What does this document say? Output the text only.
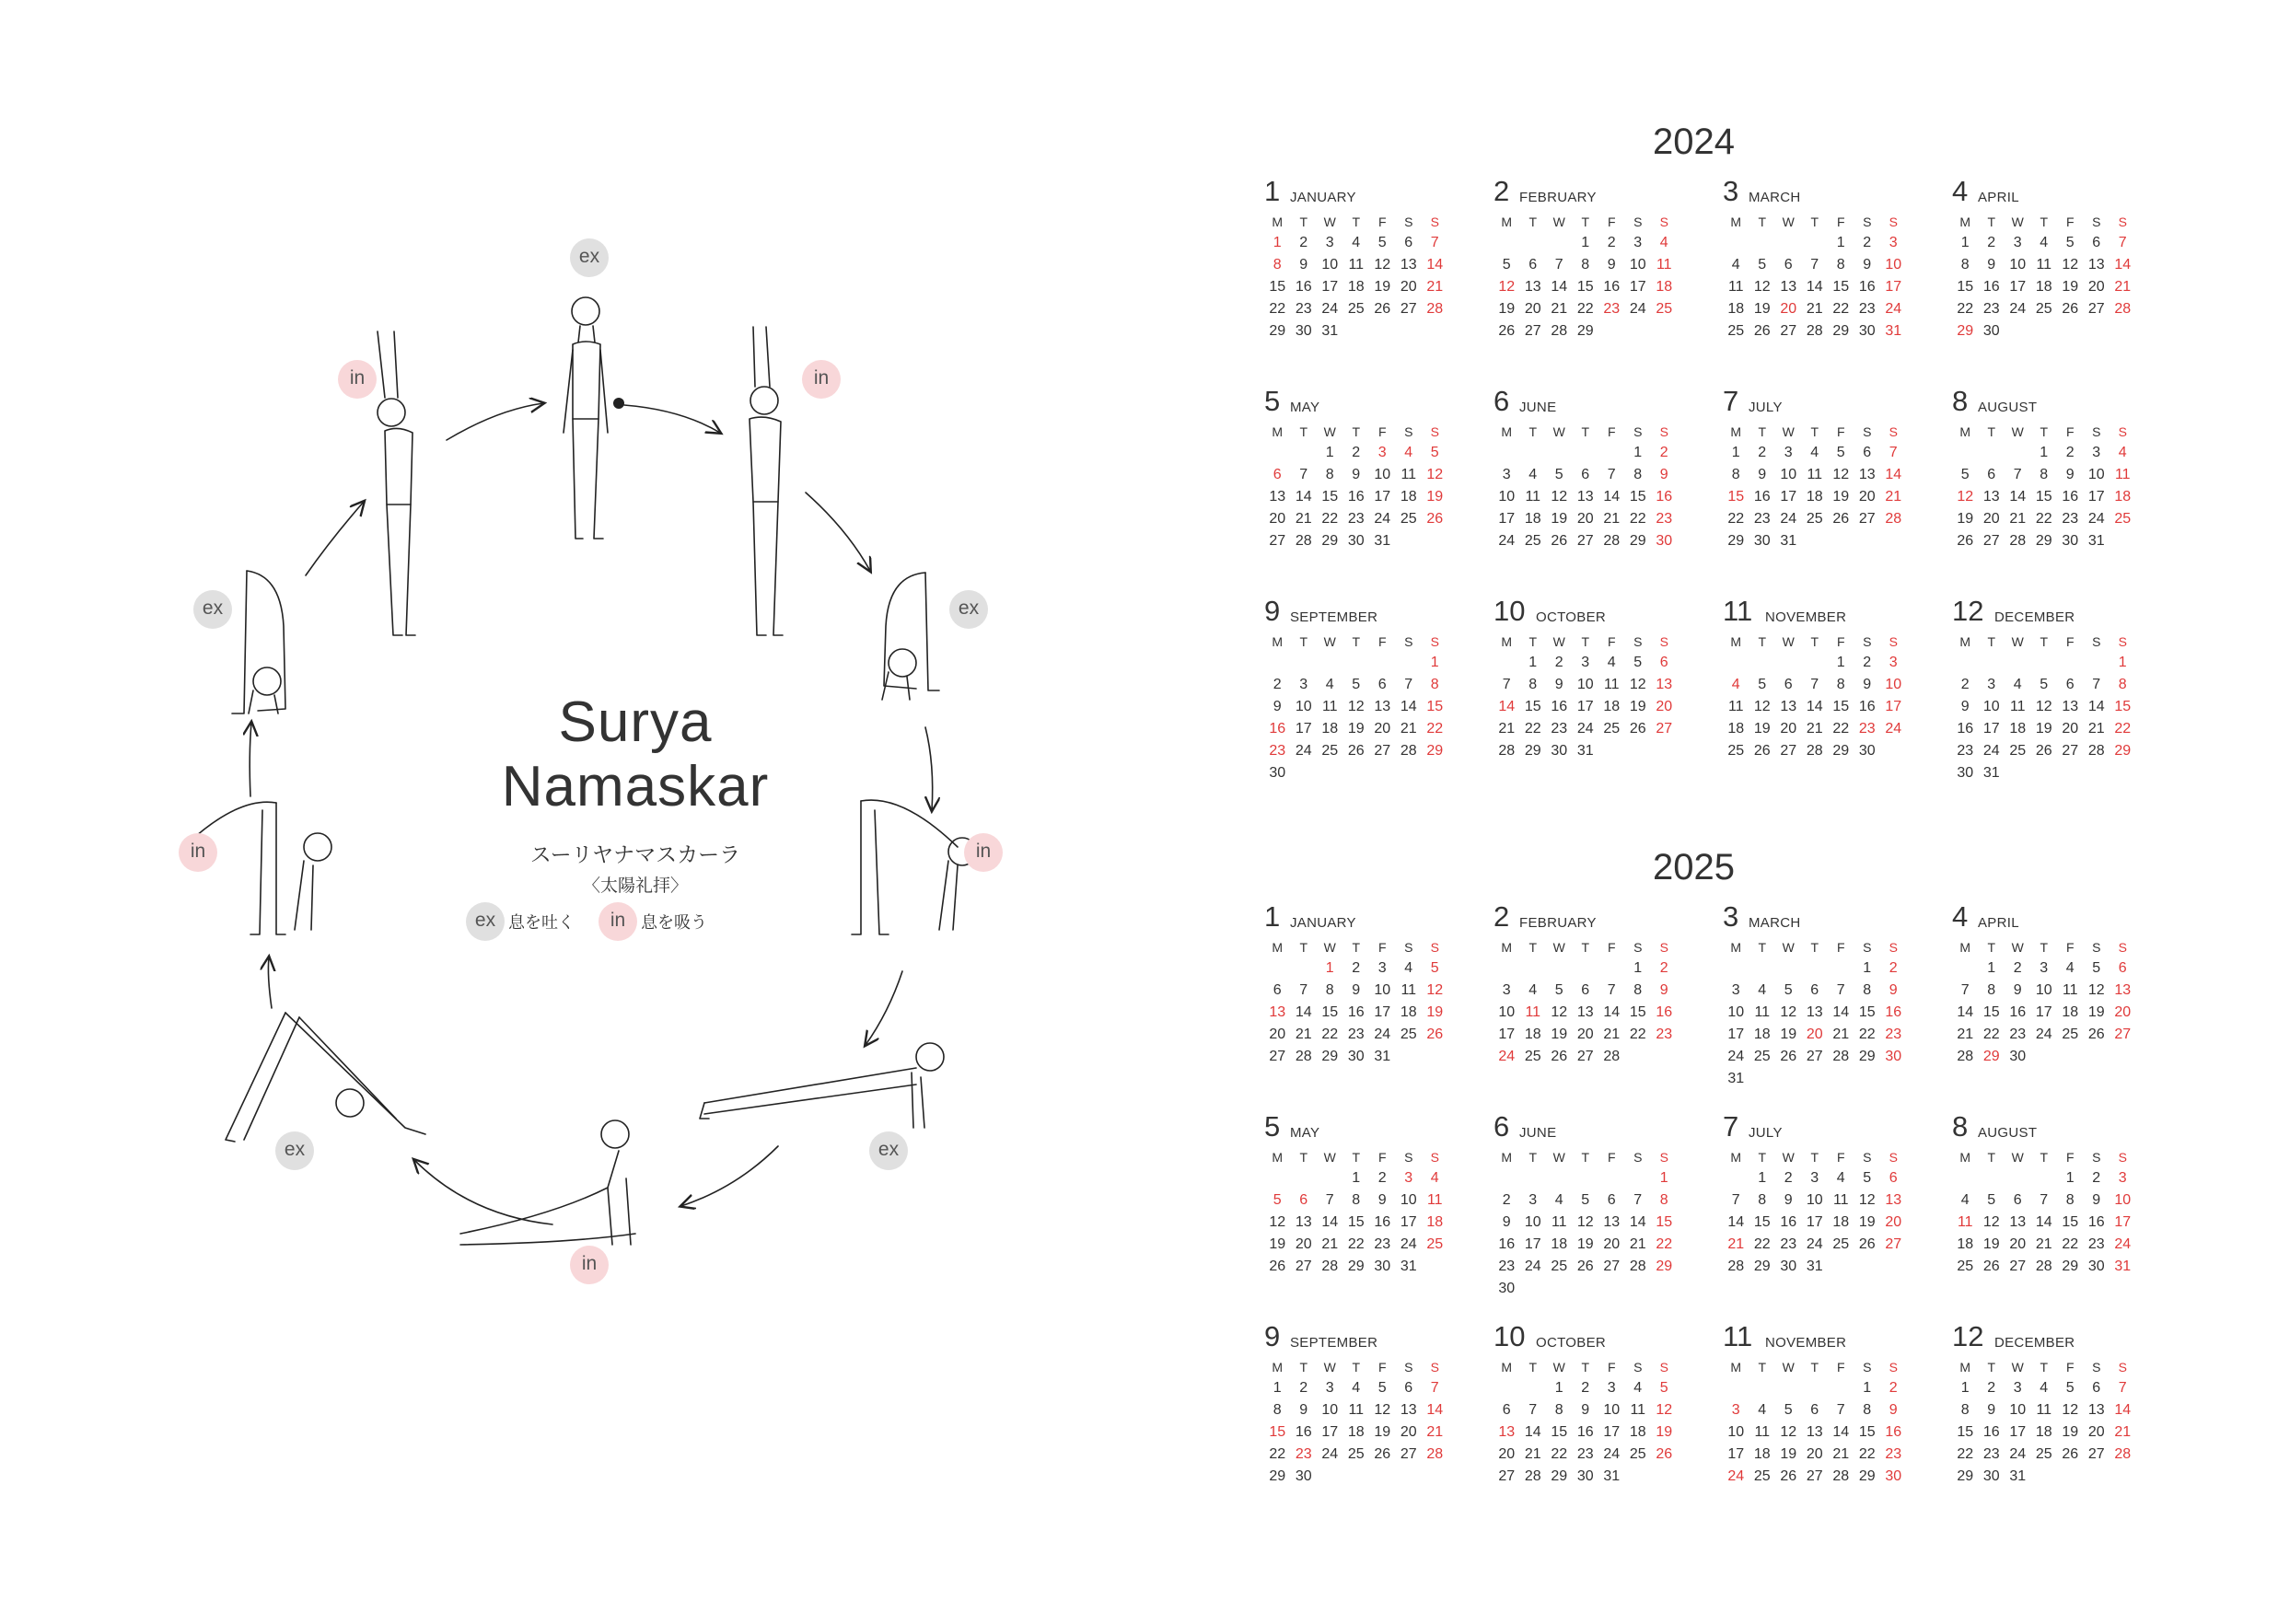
ex
in
ex
in
ex
in
ex
in
ex
in
Surya
Namaskar
スーリヤナマスカーラ
〈太陽礼拝〉
ex 息を吐く in 息を吸う
2024
1 JANUARY
M	T	W	T	F	S	S
1	2	3	4	5	6	7
8	9	10	11	12	13	14
15	16	17	18	19	20	21
22	23	24	25	26	27	28
29	30	31				
2 FEBRUARY
M	T	W	T	F	S	S
			1	2	3	4
5	6	7	8	9	10	11
12	13	14	15	16	17	18
19	20	21	22	23	24	25
26	27	28	29			
3 MARCH
M	T	W	T	F	S	S
				1	2	3
4	5	6	7	8	9	10
11	12	13	14	15	16	17
18	19	20	21	22	23	24
25	26	27	28	29	30	31
4 APRIL
M	T	W	T	F	S	S
1	2	3	4	5	6	7
8	9	10	11	12	13	14
15	16	17	18	19	20	21
22	23	24	25	26	27	28
29	30					
5 MAY
M	T	W	T	F	S	S
		1	2	3	4	5
6	7	8	9	10	11	12
13	14	15	16	17	18	19
20	21	22	23	24	25	26
27	28	29	30	31		
6 JUNE
M	T	W	T	F	S	S
					1	2
3	4	5	6	7	8	9
10	11	12	13	14	15	16
17	18	19	20	21	22	23
24	25	26	27	28	29	30
7 JULY
M	T	W	T	F	S	S
1	2	3	4	5	6	7
8	9	10	11	12	13	14
15	16	17	18	19	20	21
22	23	24	25	26	27	28
29	30	31				
8 AUGUST
M	T	W	T	F	S	S
			1	2	3	4
5	6	7	8	9	10	11
12	13	14	15	16	17	18
19	20	21	22	23	24	25
26	27	28	29	30	31	
9 SEPTEMBER
M	T	W	T	F	S	S
						1
2	3	4	5	6	7	8
9	10	11	12	13	14	15
16	17	18	19	20	21	22
23	24	25	26	27	28	29
30						
10 OCTOBER
M	T	W	T	F	S	S
	1	2	3	4	5	6
7	8	9	10	11	12	13
14	15	16	17	18	19	20
21	22	23	24	25	26	27
28	29	30	31			
11 NOVEMBER
M	T	W	T	F	S	S
				1	2	3
4	5	6	7	8	9	10
11	12	13	14	15	16	17
18	19	20	21	22	23	24
25	26	27	28	29	30	
12 DECEMBER
M	T	W	T	F	S	S
						1
2	3	4	5	6	7	8
9	10	11	12	13	14	15
16	17	18	19	20	21	22
23	24	25	26	27	28	29
30	31					
2025
1 JANUARY
M	T	W	T	F	S	S
		1	2	3	4	5
6	7	8	9	10	11	12
13	14	15	16	17	18	19
20	21	22	23	24	25	26
27	28	29	30	31		
2 FEBRUARY
M	T	W	T	F	S	S
					1	2
3	4	5	6	7	8	9
10	11	12	13	14	15	16
17	18	19	20	21	22	23
24	25	26	27	28		
3 MARCH
M	T	W	T	F	S	S
					1	2
3	4	5	6	7	8	9
10	11	12	13	14	15	16
17	18	19	20	21	22	23
24	25	26	27	28	29	30
31						
4 APRIL
M	T	W	T	F	S	S
	1	2	3	4	5	6
7	8	9	10	11	12	13
14	15	16	17	18	19	20
21	22	23	24	25	26	27
28	29	30				
5 MAY
M	T	W	T	F	S	S
			1	2	3	4
5	6	7	8	9	10	11
12	13	14	15	16	17	18
19	20	21	22	23	24	25
26	27	28	29	30	31	
6 JUNE
M	T	W	T	F	S	S
						1
2	3	4	5	6	7	8
9	10	11	12	13	14	15
16	17	18	19	20	21	22
23	24	25	26	27	28	29
30						
7 JULY
M	T	W	T	F	S	S
	1	2	3	4	5	6
7	8	9	10	11	12	13
14	15	16	17	18	19	20
21	22	23	24	25	26	27
28	29	30	31			
8 AUGUST
M	T	W	T	F	S	S
				1	2	3
4	5	6	7	8	9	10
11	12	13	14	15	16	17
18	19	20	21	22	23	24
25	26	27	28	29	30	31
9 SEPTEMBER
M	T	W	T	F	S	S
1	2	3	4	5	6	7
8	9	10	11	12	13	14
15	16	17	18	19	20	21
22	23	24	25	26	27	28
29	30					
10 OCTOBER
M	T	W	T	F	S	S
		1	2	3	4	5
6	7	8	9	10	11	12
13	14	15	16	17	18	19
20	21	22	23	24	25	26
27	28	29	30	31		
11 NOVEMBER
M	T	W	T	F	S	S
					1	2
3	4	5	6	7	8	9
10	11	12	13	14	15	16
17	18	19	20	21	22	23
24	25	26	27	28	29	30
12 DECEMBER
M	T	W	T	F	S	S
1	2	3	4	5	6	7
8	9	10	11	12	13	14
15	16	17	18	19	20	21
22	23	24	25	26	27	28
29	30	31				
